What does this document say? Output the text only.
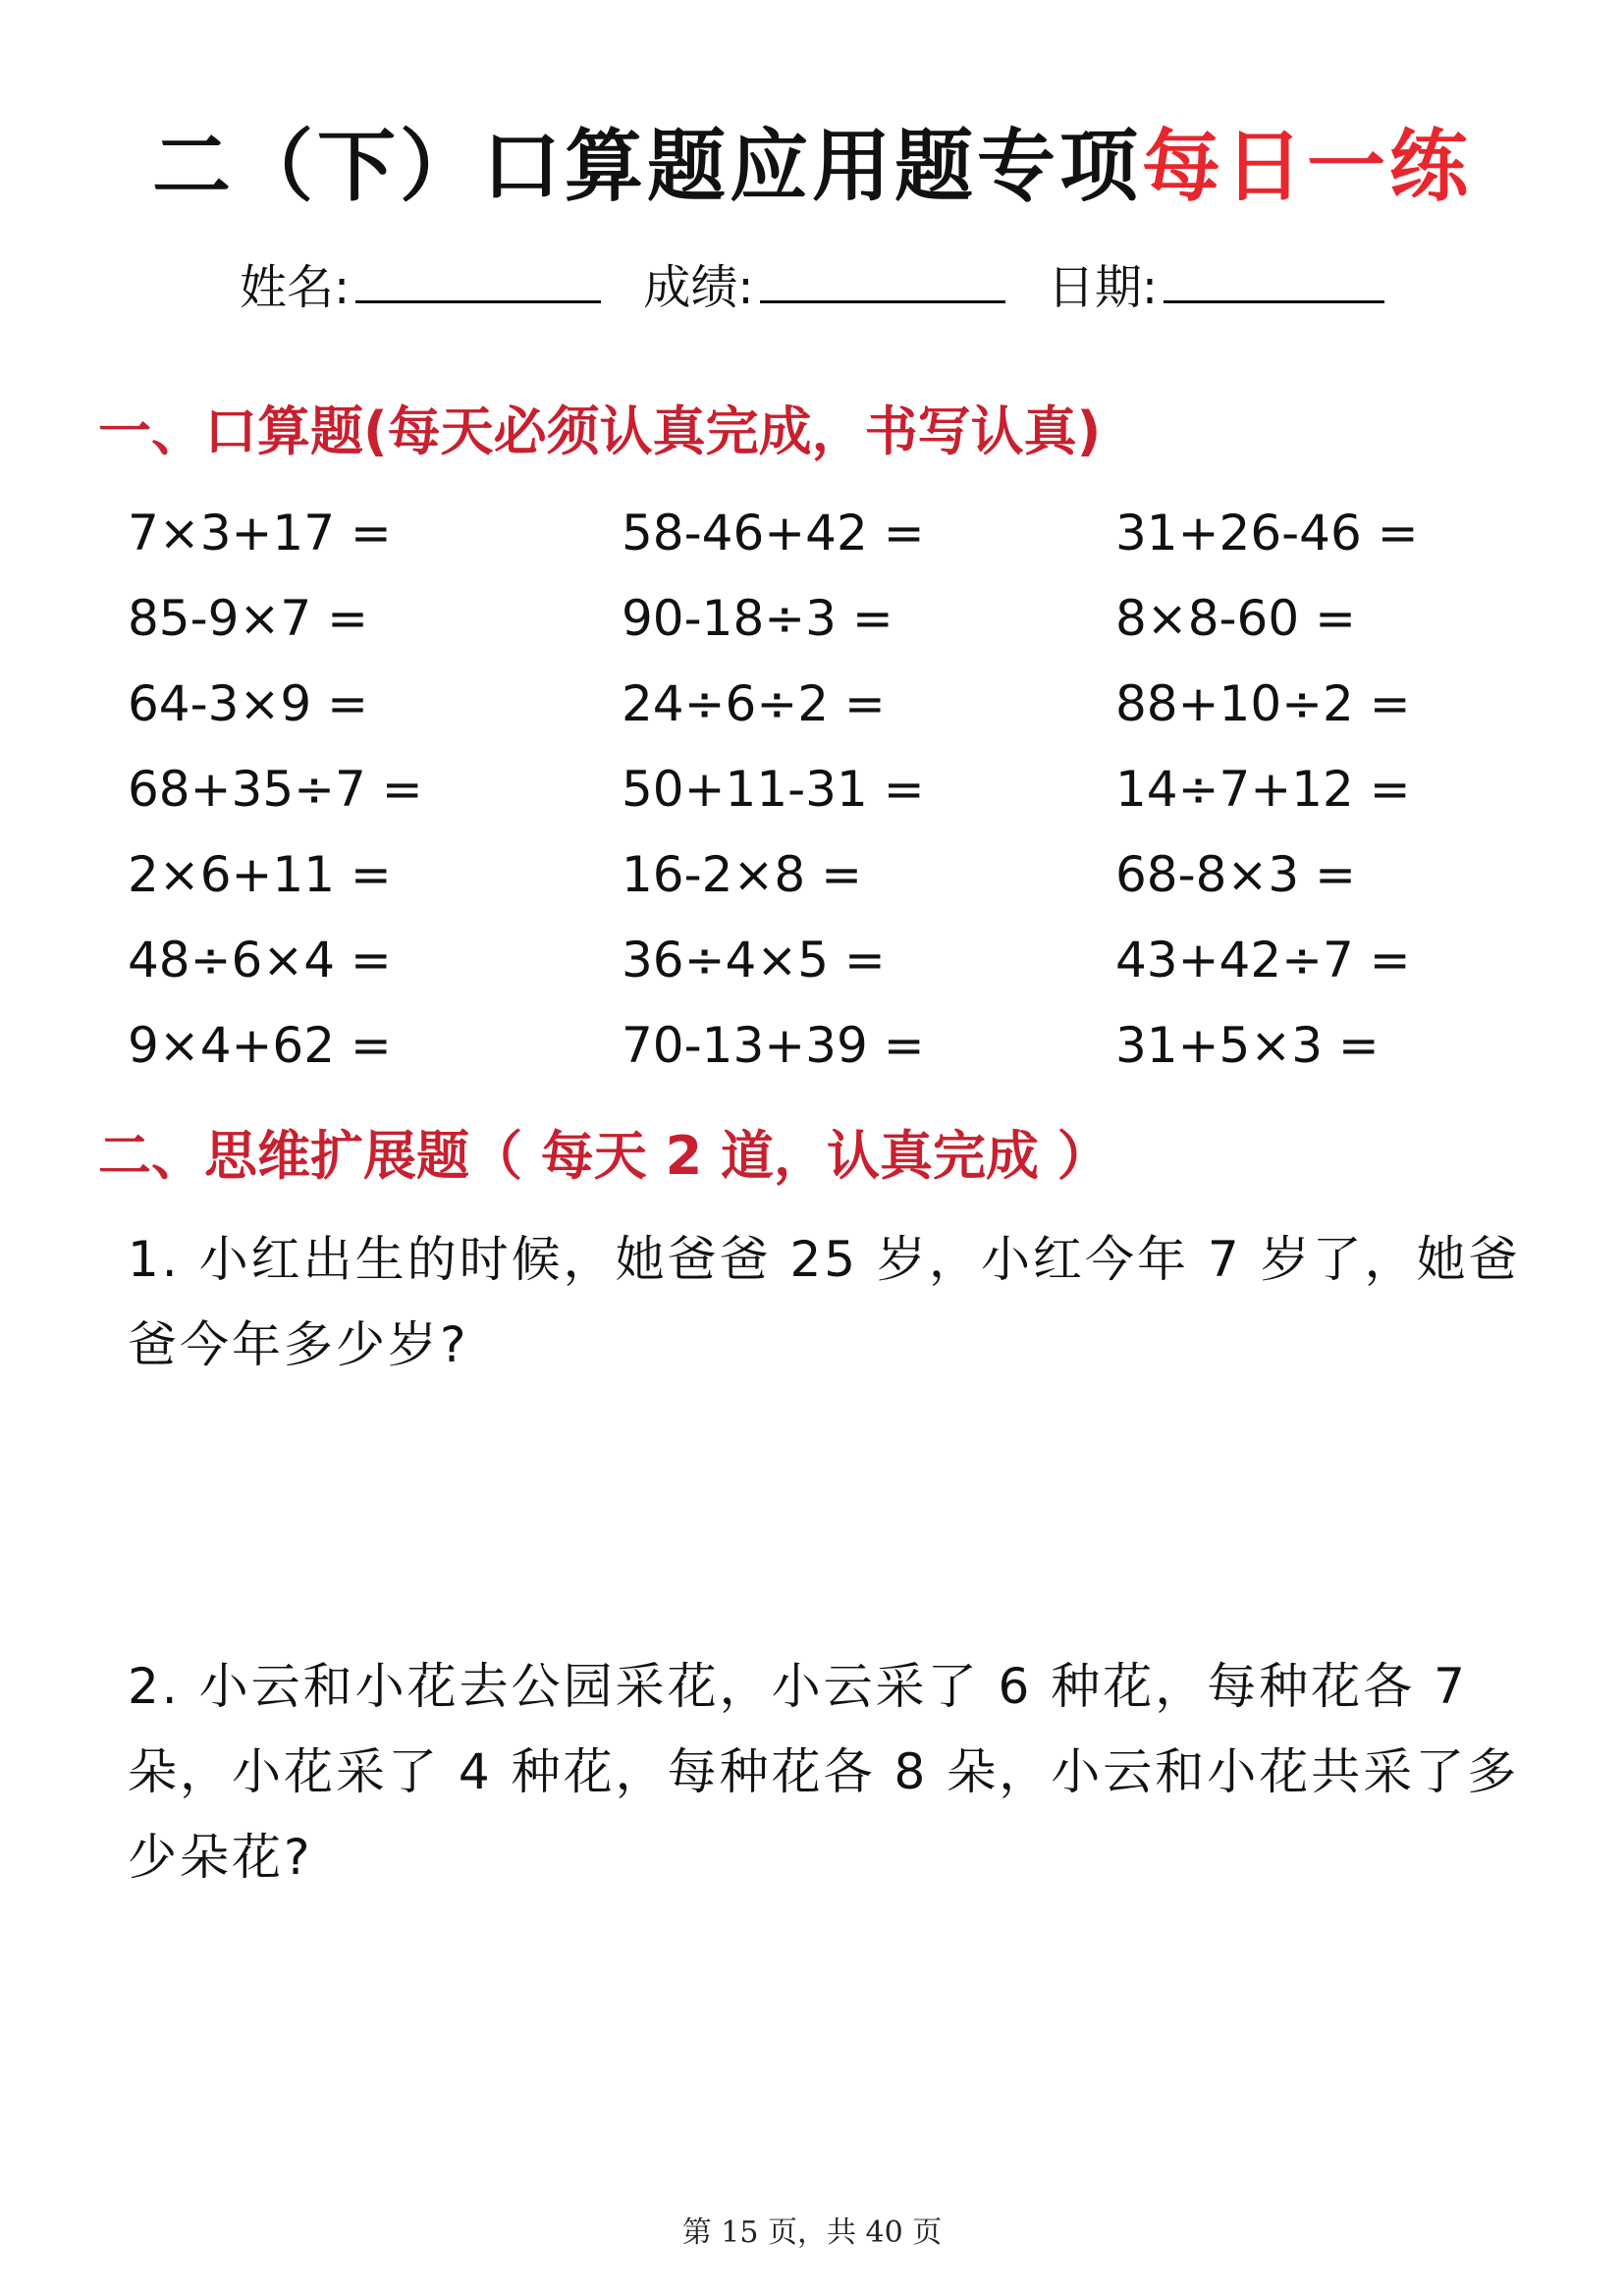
二（下）口算题应用题专项每日一练
姓名:	成绩:	日期:
一、口算题(每天必须认真完成，书写认真)
7×3+17 =	58-46+42 =	31+26-46 =
85-9×7 =	90-18÷3 =	8×8-60 =
64-3×9 =	24÷6÷2 =	88+10÷2 =
68+35÷7 =	50+11-31 =	14÷7+12 =
2×6+11 =	16-2×8 =	68-8×3 =
48÷6×4 =	36÷4×5 =	43+42÷7 =
9×4+62 =	70-13+39 =	31+5×3 =
二、思维扩展题（ 每天 2 道，认真完成 ）
1. 小红出生的时候，她爸爸 25 岁，小红今年 7 岁了，她爸爸今年多少岁?
2. 小云和小花去公园采花，小云采了 6 种花，每种花各 7 朵，小花采了 4 种花，每种花各 8 朵，小云和小花共采了多少朵花?
第 15 页，共 40 页
